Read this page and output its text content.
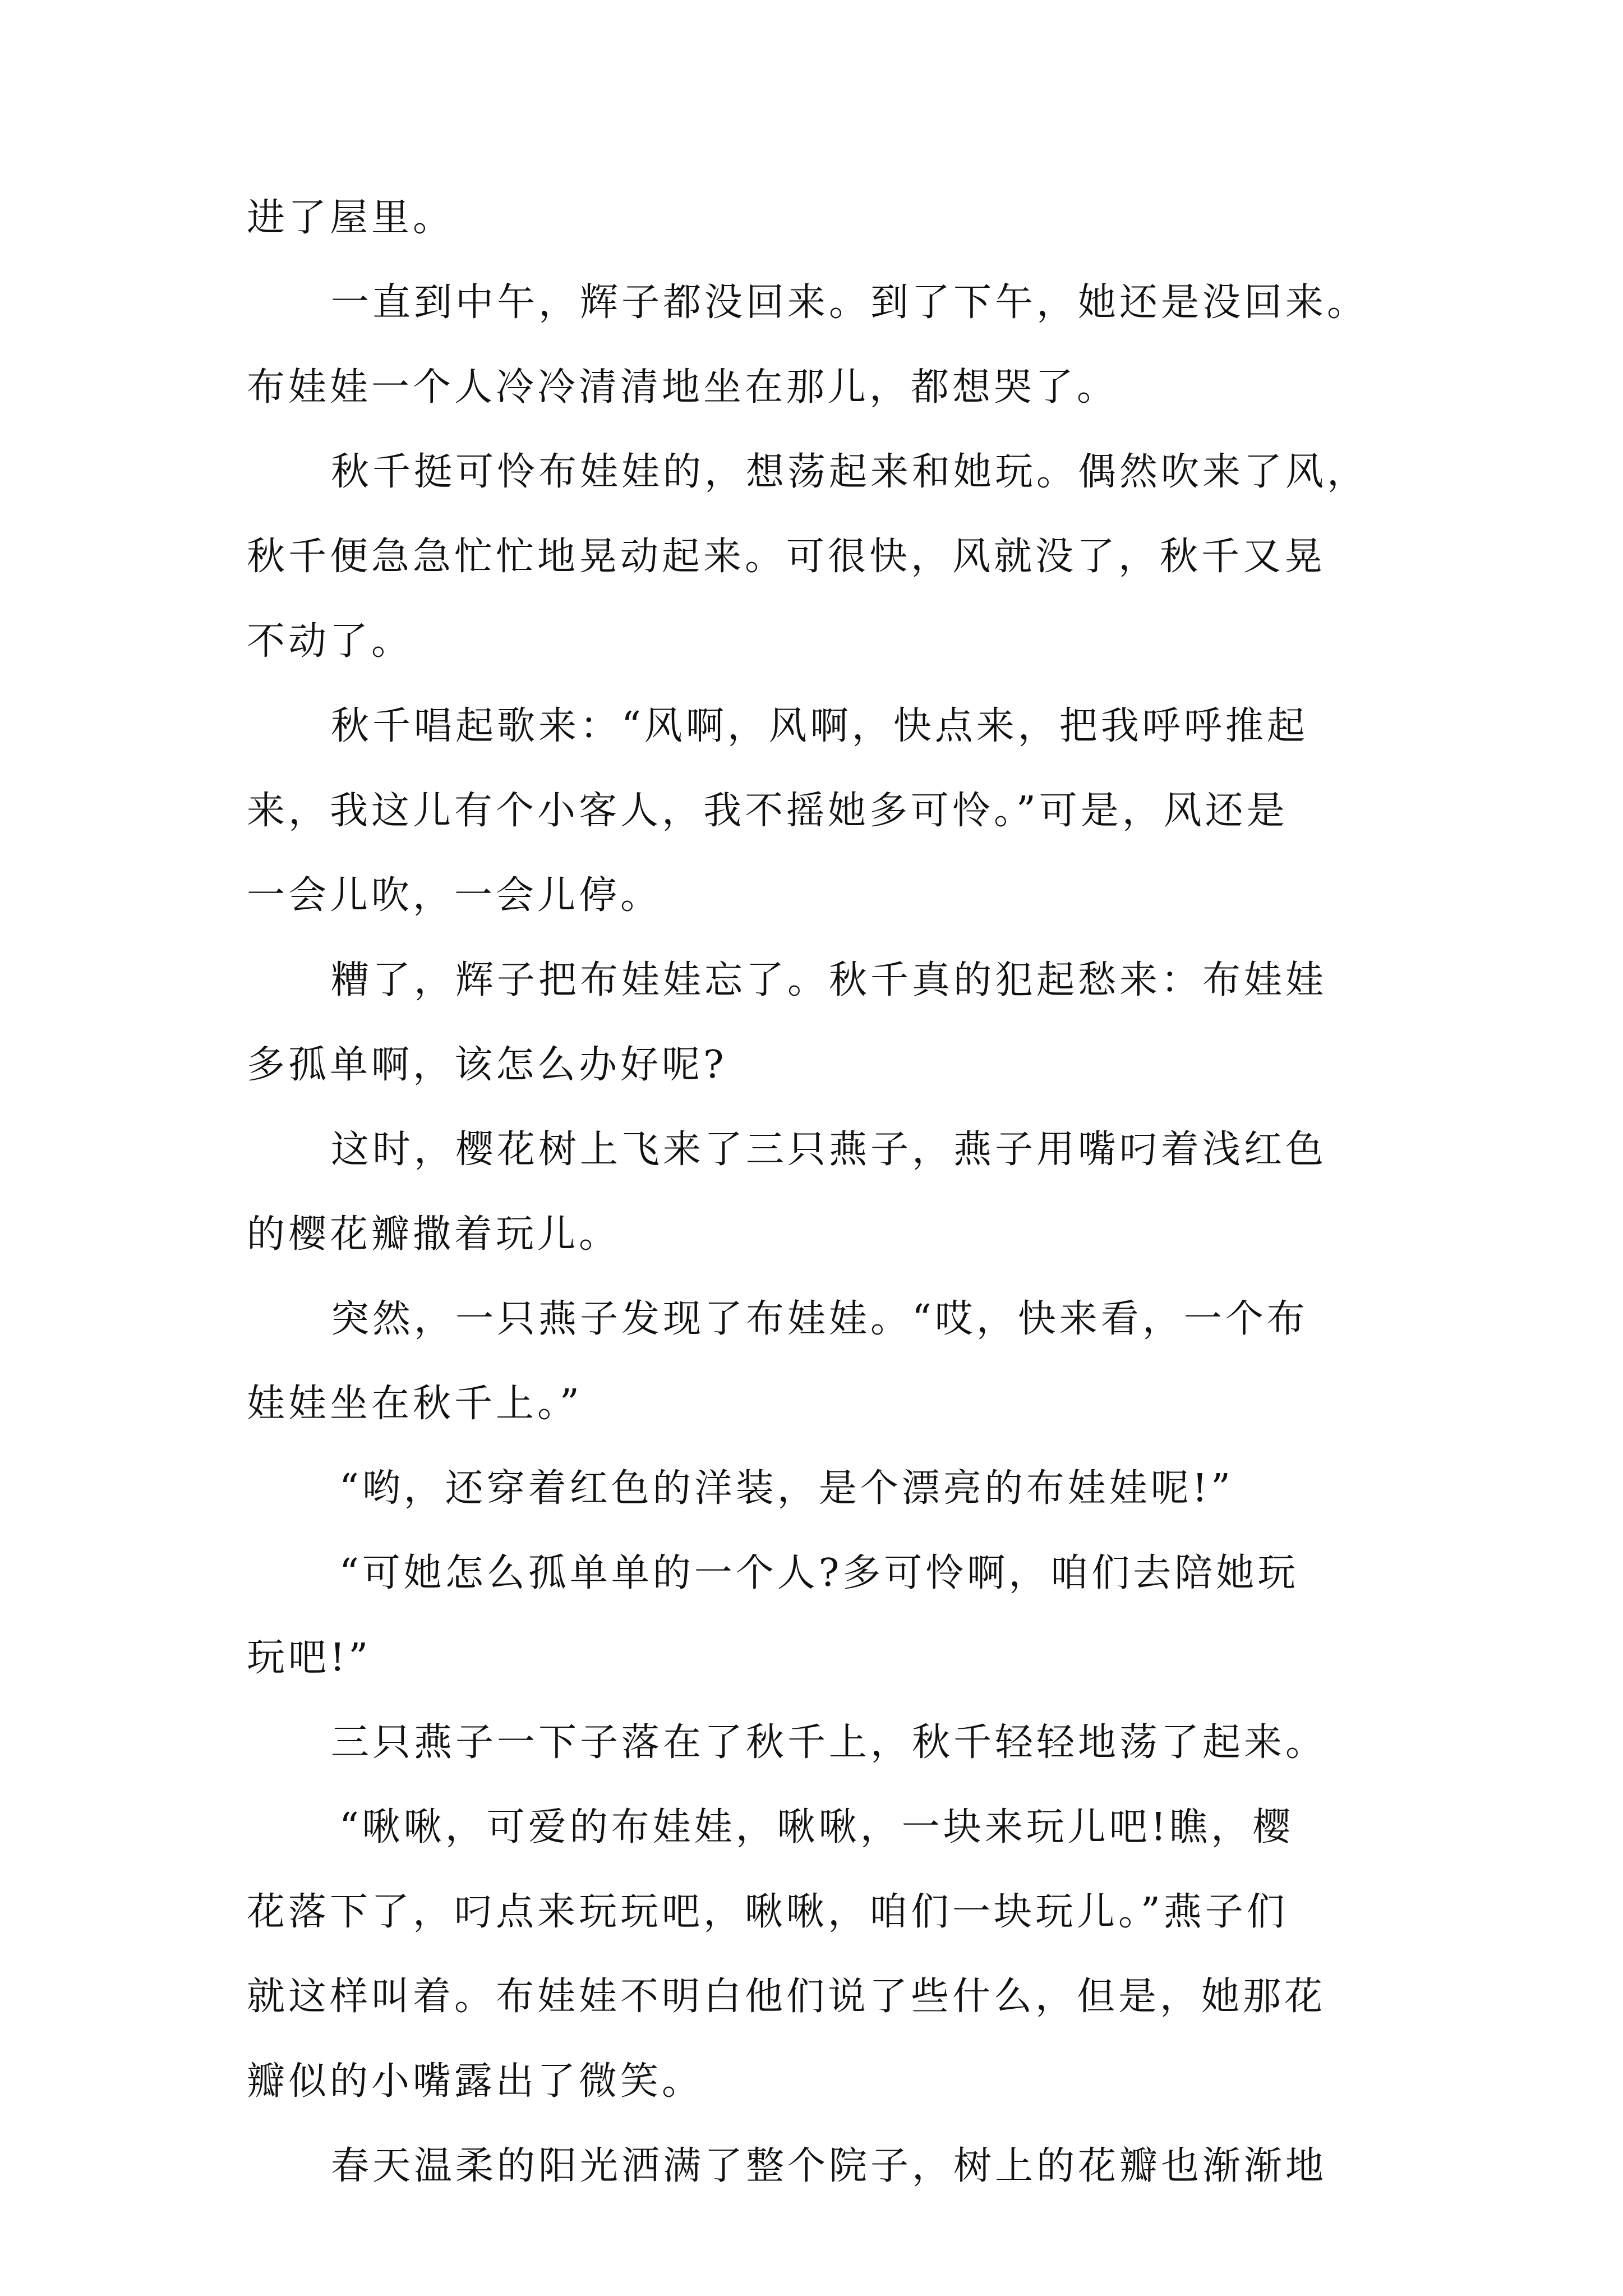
进了屋里。
一直到中午，辉子都没回来。到了下午，她还是没回来。
布娃娃一个人冷冷清清地坐在那儿，都想哭了。
秋千挺可怜布娃娃的，想荡起来和她玩。偶然吹来了风，
秋千便急急忙忙地晃动起来。可很快，风就没了，秋千又晃
不动了。
秋千唱起歌来：“风啊，风啊，快点来，把我呼呼推起
来，我这儿有个小客人，我不摇她多可怜。”可是，风还是
一会儿吹，一会儿停。
糟了，辉子把布娃娃忘了。秋千真的犯起愁来：布娃娃
多孤单啊，该怎么办好呢?
这时，樱花树上飞来了三只燕子，燕子用嘴叼着浅红色
的樱花瓣撒着玩儿。
突然，一只燕子发现了布娃娃。“哎，快来看，一个布
娃娃坐在秋千上。”
“哟，还穿着红色的洋装，是个漂亮的布娃娃呢!”
“可她怎么孤单单的一个人?多可怜啊，咱们去陪她玩
玩吧!”
三只燕子一下子落在了秋千上，秋千轻轻地荡了起来。
“啾啾，可爱的布娃娃，啾啾，一块来玩儿吧!瞧，樱
花落下了，叼点来玩玩吧，啾啾，咱们一块玩儿。”燕子们
就这样叫着。布娃娃不明白他们说了些什么，但是，她那花
瓣似的小嘴露出了微笑。
春天温柔的阳光洒满了整个院子，树上的花瓣也渐渐地
